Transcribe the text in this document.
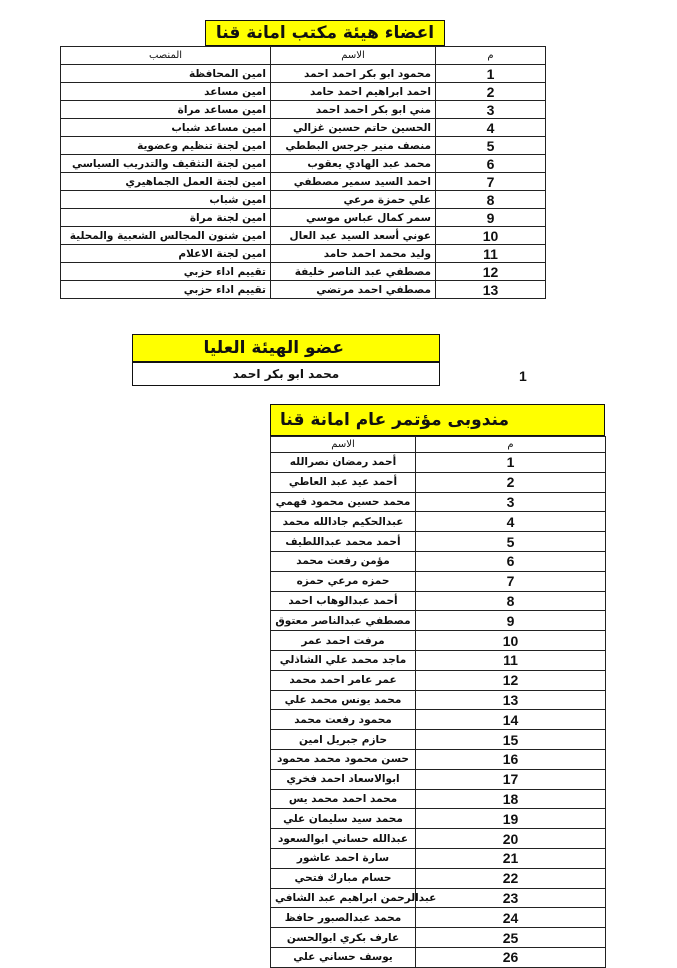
اعضاء هيئة مكتب امانة قنا
المنصب	الاسم	م
امين المحافظة	محمود ابو بكر احمد احمد	1
امين مساعد	احمد ابراهيم احمد حامد	2
امين مساعد مراة	مني ابو بكر احمد احمد	3
امين مساعد شباب	الحسين حاتم حسين غزالي	4
امين لجنة تنظيم وعضوية	منصف منير جرجس البططي	5
امين لجنة التثقيف والتدريب السياسي	محمد عبد الهادي يعقوب	6
امين لجنة العمل الجماهيري	احمد السيد سمير مصطفي	7
امين شباب	علي حمزة مرعي	8
امين لجنة مراة	سمر كمال عباس موسي	9
امين شنون المجالس الشعبية والمحلية	عوني أسعد السيد عبد العال	10
امين لجنة الاعلام	وليد محمد احمد حامد	11
تقييم اداء حزبي	مصطفي عبد الناصر خليفة	12
تقييم اداء حزبي	مصطفي احمد مرتضي	13
عضو الهيئة العليا
محمد ابو بكر احمد	1
مندوبى مؤتمر عام امانة قنا
الاسم	م
أحمد رمضان نصرالله	1
أحمد عيد عبد العاطي	2
محمد حسين محمود فهمي	3
عبدالحكيم جادالله محمد	4
أحمد محمد عبداللطيف	5
مؤمن رفعت محمد	6
حمزه مرعي حمزه	7
أحمد عبدالوهاب احمد	8
مصطفي عبدالناصر معتوق	9
مرفت احمد عمر	10
ماجد محمد علي الشاذلي	11
عمر عامر احمد محمد	12
محمد يونس محمد علي	13
محمود رفعت محمد	14
حازم جبريل امين	15
حسن محمود محمد محمود	16
ابوالاسعاد احمد فخري	17
محمد احمد محمد يس	18
محمد سيد سليمان علي	19
عبدالله حساني ابوالسعود	20
سارة احمد عاشور	21
حسام مبارك فتحي	22
عبدالرحمن ابراهيم عبد الشافي	23
محمد عبدالصبور حافظ	24
عارف بكري ابوالحسن	25
يوسف حساني علي	26
